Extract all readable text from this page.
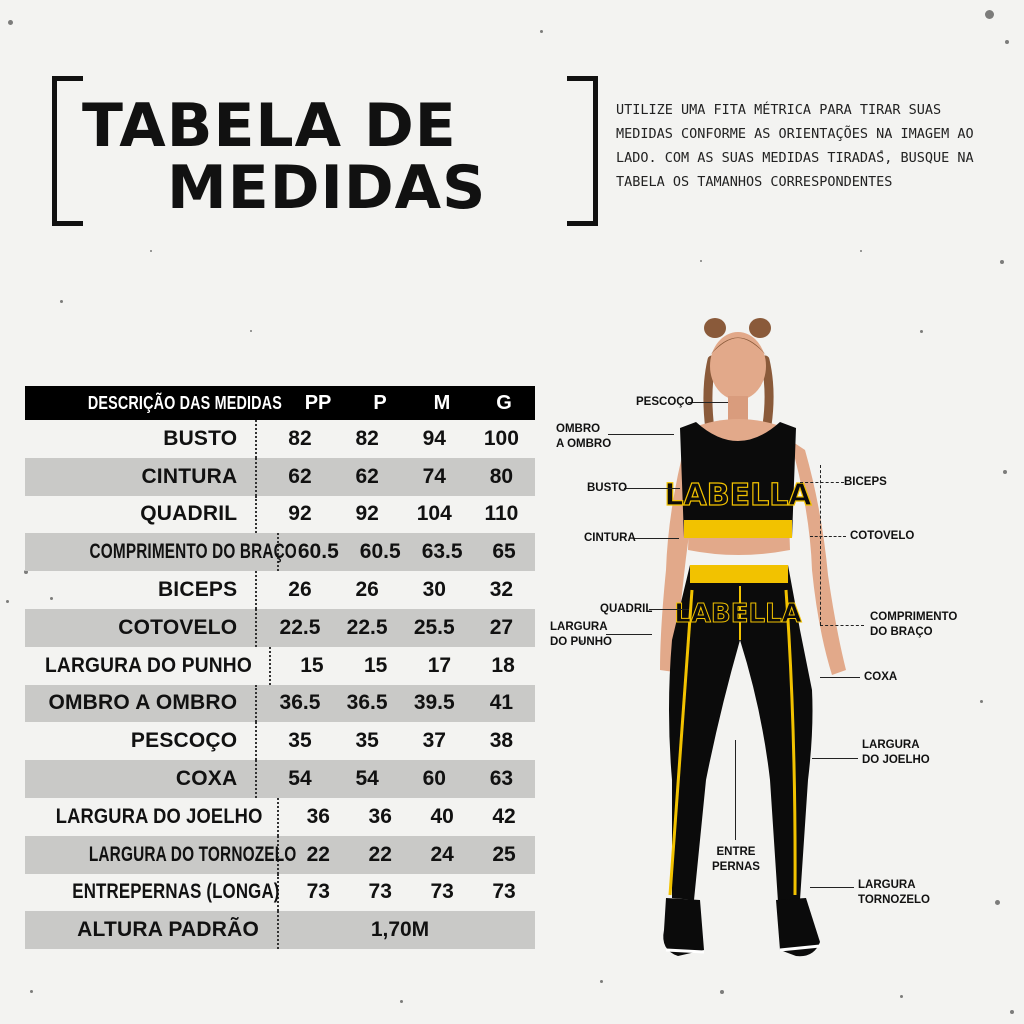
TABELA DE
MEDIDAS
UTILIZE UMA FITA MÉTRICA PARA TIRAR SUAS MEDIDAS CONFORME AS ORIENTAÇÕES NA IMAGEM AO LADO. COM AS SUAS MEDIDAS TIRADAS, BUSQUE NA TABELA OS TAMANHOS CORRESPONDENTES
DESCRIÇÃO DAS MEDIDAS	PP	P	M	G
BUSTO	82	82	94	100
CINTURA	62	62	74	80
QUADRIL	92	92	104	110
COMPRIMENTO DO BRAÇO 60.5	60.5	63.5	65
BICEPS	26	26	30	32
COTOVELO	22.5	22.5	25.5	27
LARGURA DO PUNHO	15	15	17	18
OMBRO A OMBRO	36.5	36.5	39.5	41
PESCOÇO	35	35	37	38
COXA	54	54	60	63
LARGURA DO JOELHO	36	36	40	42
LARGURA DO TORNOZELO 22	22	24	25
ENTREPERNAS (LONGA)	73	73	73	73
ALTURA PADRÃO	1,70M
LABELLA
LABELLA
PESCOÇO
OMBRO
A OMBRO
BUSTO
CINTURA
QUADRIL
LARGURA
DO PUNHO
BICEPS
COTOVELO
COMPRIMENTO
DO BRAÇO
COXA
LARGURA
DO JOELHO
ENTRE
PERNAS
LARGURA
TORNOZELO
